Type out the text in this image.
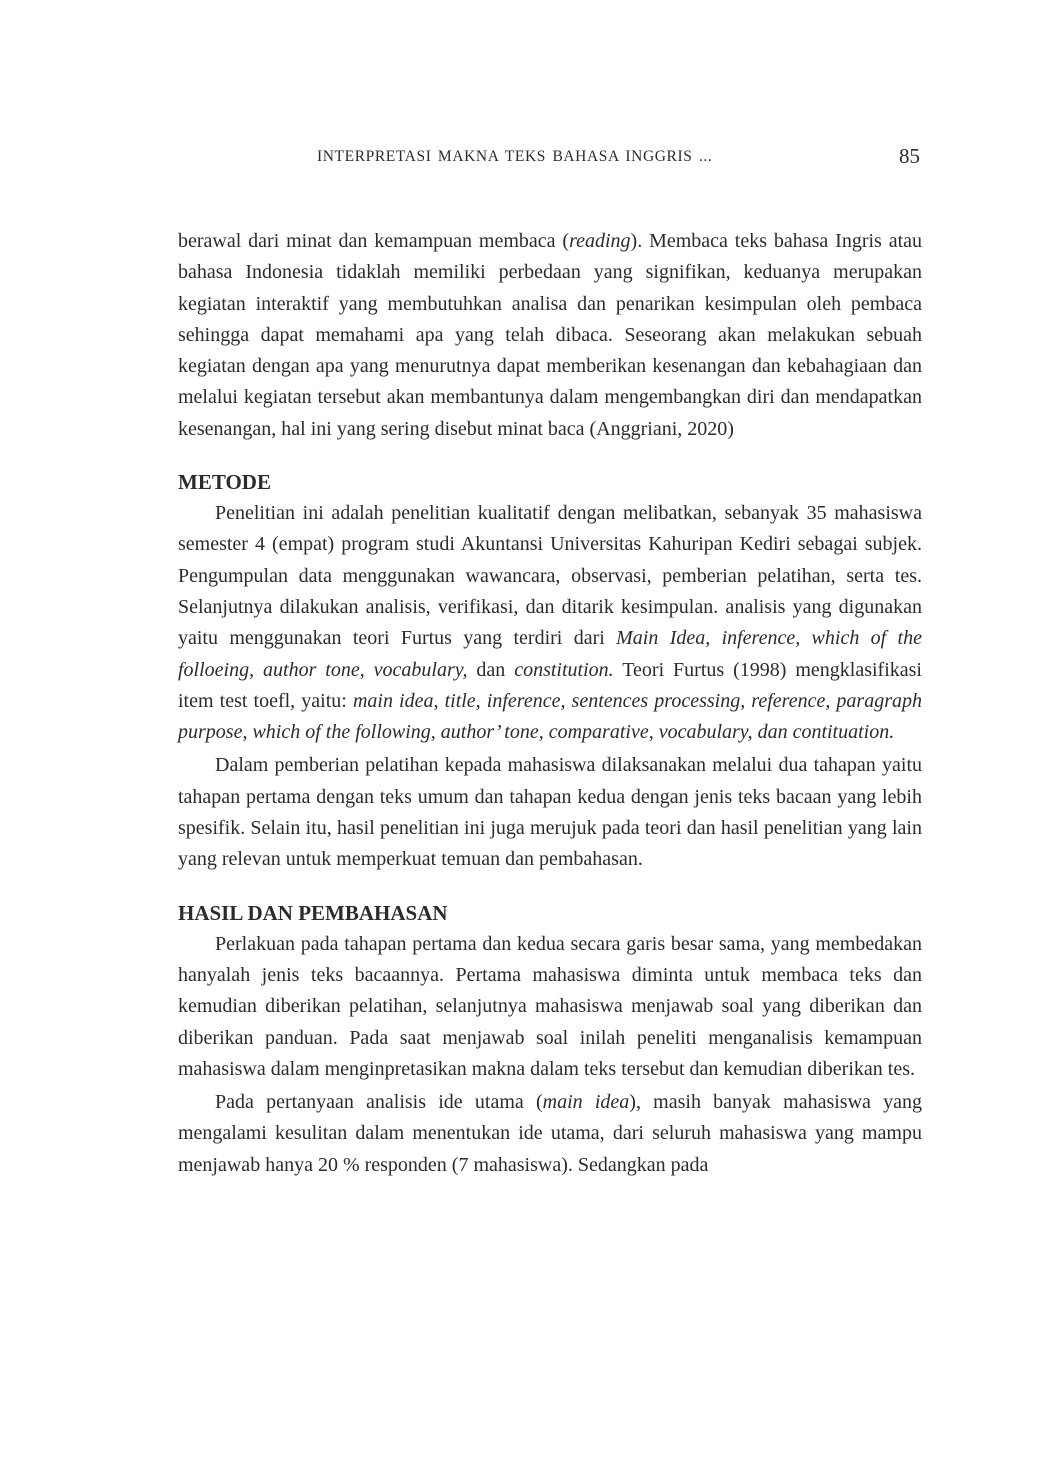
INTERPRETASI MAKNA TEKS BAHASA INGGRIS ...	85

berawal dari minat dan kemampuan membaca (reading). Membaca teks bahasa Ingris atau bahasa Indonesia tidaklah memiliki perbedaan yang signifikan, keduanya merupakan kegiatan interaktif yang membutuhkan analisa dan penarikan kesimpulan oleh pembaca sehingga dapat memahami apa yang telah dibaca. Seseorang akan melakukan sebuah kegiatan dengan apa yang menurutnya dapat memberikan kesenangan dan kebahagiaan dan melalui kegiatan tersebut akan membantunya dalam mengembangkan diri dan mendapatkan kesenangan, hal ini yang sering disebut minat baca (Anggriani, 2020)

METODE

Penelitian ini adalah penelitian kualitatif dengan melibatkan, sebanyak 35 mahasiswa semester 4 (empat) program studi Akuntansi Universitas Kahuripan Kediri sebagai subjek. Pengumpulan data menggunakan wawancara, observasi, pemberian pelatihan, serta tes. Selanjutnya dilakukan analisis, verifikasi, dan ditarik kesimpulan. analisis yang digunakan yaitu menggunakan teori Furtus yang terdiri dari Main Idea, inference, which of the folloeing, author tone, vocabulary, dan constitution. Teori Furtus (1998) mengklasifikasi item test toefl, yaitu: main idea, title, inference, sentences processing, reference, paragraph purpose, which of the following, author’ tone, comparative, vocabulary, dan contituation.

Dalam pemberian pelatihan kepada mahasiswa dilaksanakan melalui dua tahapan yaitu tahapan pertama dengan teks umum dan tahapan kedua dengan jenis teks bacaan yang lebih spesifik. Selain itu, hasil penelitian ini juga merujuk pada teori dan hasil penelitian yang lain yang relevan untuk memperkuat temuan dan pembahasan.

HASIL DAN PEMBAHASAN

Perlakuan pada tahapan pertama dan kedua secara garis besar sama, yang membedakan hanyalah jenis teks bacaannya. Pertama mahasiswa diminta untuk membaca teks dan kemudian diberikan pelatihan, selanjutnya mahasiswa menjawab soal yang diberikan dan diberikan panduan. Pada saat menjawab soal inilah peneliti menganalisis kemampuan mahasiswa dalam menginpretasikan makna dalam teks tersebut dan kemudian diberikan tes.

Pada pertanyaan analisis ide utama (main idea), masih banyak mahasiswa yang mengalami kesulitan dalam menentukan ide utama, dari seluruh mahasiswa yang mampu menjawab hanya 20 % responden (7 mahasiswa). Sedangkan pada
